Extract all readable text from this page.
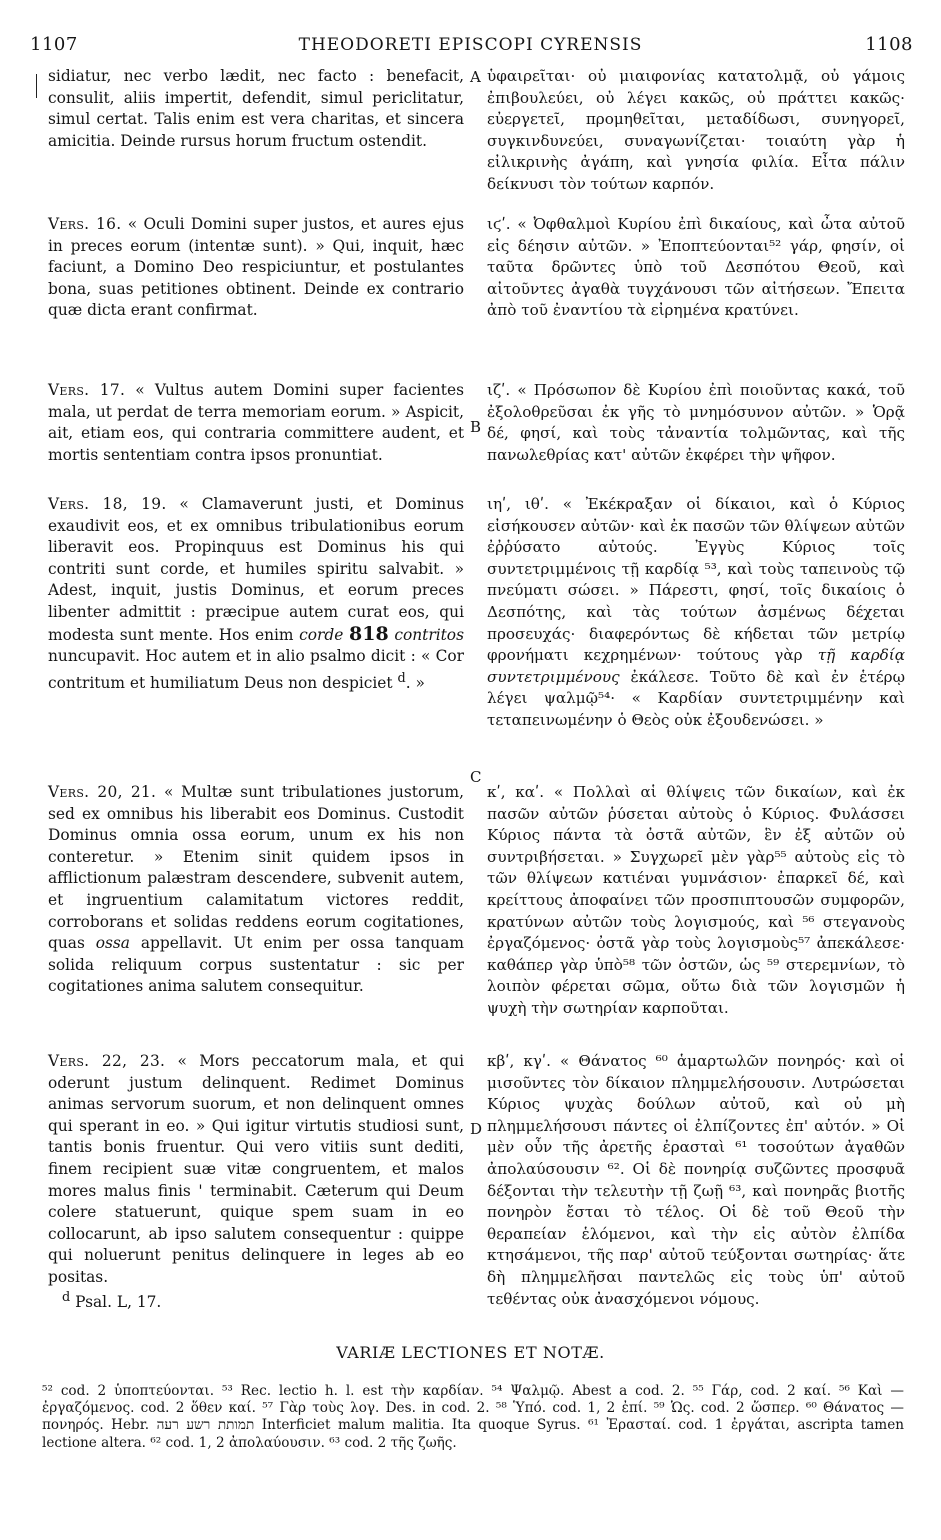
1107	THEODORETI EPISCOPI CYRENSIS	1108
A
B
C
D

sidiatur, nec verbo lædit, nec facto : benefacit, consulit, aliis impertit, defendit, simul periclitatur, simul certat. Talis enim est vera charitas, et sincera amicitia. Deinde rursus horum fructum ostendit.

Vers. 16. « Oculi Domini super justos, et aures ejus in preces eorum (intentæ sunt). » Qui, inquit, hæc faciunt, a Domino Deo respiciuntur, et postulantes bona, suas petitiones obtinent. Deinde ex contrario quæ dicta erant confirmat.

Vers. 17. « Vultus autem Domini super facientes mala, ut perdat de terra memoriam eorum. » Aspicit, ait, etiam eos, qui contraria committere audent, et mortis sententiam contra ipsos pronuntiat.

Vers. 18, 19. « Clamaverunt justi, et Dominus exaudivit eos, et ex omnibus tribulationibus eorum liberavit eos. Propinquus est Dominus his qui contriti sunt corde, et humiles spiritu salvabit. » Adest, inquit, justis Dominus, et eorum preces libenter admittit : præcipue autem curat eos, qui modesta sunt mente. Hos enim corde 818 contritos nuncupavit. Hoc autem et in alio psalmo dicit : « Cor contritum et humiliatum Deus non despiciet $^d$. »

Vers. 20, 21. « Multæ sunt tribulationes justorum, sed ex omnibus his liberabit eos Dominus. Custodit Dominus omnia ossa eorum, unum ex his non conteretur. » Etenim sinit quidem ipsos in afflictionum palæstram descendere, subvenit autem, et ingruentium calamitatum victores reddit, corroborans et solidas reddens eorum cogitationes, quas ossa appellavit. Ut enim per ossa tanquam solida reliquum corpus sustentatur : sic per cogitationes anima salutem consequitur.

Vers. 22, 23. « Mors peccatorum mala, et qui oderunt justum delinquent. Redimet Dominus animas servorum suorum, et non delinquent omnes qui sperant in eo. » Qui igitur virtutis studiosi sunt, tantis bonis fruentur. Qui vero vitiis sunt dediti, finem recipient suæ vitæ congruentem, et malos mores malus finis ' terminabit. Cæterum qui Deum colere statuerunt, quique spem suam in eo collocarunt, ab ipso salutem consequentur : quippe qui noluerunt penitus delinquere in leges ab eo positas.

ὑφαιρεῖται· οὐ μιαιφονίας κατατολμᾷ, οὐ γάμοις ἐπιβουλεύει, οὐ λέγει κακῶς, οὐ πράττει κακῶς· εὐεργετεῖ, προμηθεῖται, μεταδίδωσι, συνηγορεῖ, συγκινδυνεύει, συναγωνίζεται· τοιαύτη γὰρ ἡ εἰλικρινὴς ἀγάπη, καὶ γνησία φιλία. Εἶτα πάλιν δείκνυσι τὸν τούτων καρπόν.

ιϛʹ. « Ὀφθαλμοὶ Κυρίου ἐπὶ δικαίους, καὶ ὦτα αὐτοῦ εἰς δέησιν αὐτῶν. » Ἐποπτεύονται⁵² γάρ, φησίν, οἱ ταῦτα δρῶντες ὑπὸ τοῦ Δεσπότου Θεοῦ, καὶ αἰτοῦντες ἀγαθὰ τυγχάνουσι τῶν αἰτήσεων. Ἔπειτα ἀπὸ τοῦ ἐναντίου τὰ εἰρημένα κρατύνει.

ιζʹ. « Πρόσωπον δὲ Κυρίου ἐπὶ ποιοῦντας κακά, τοῦ ἐξολοθρεῦσαι ἐκ γῆς τὸ μνημόσυνον αὐτῶν. » Ὁρᾷ δέ, φησί, καὶ τοὺς τἀναντία τολμῶντας, καὶ τῆς πανωλεθρίας κατ' αὐτῶν ἐκφέρει τὴν ψῆφον.

ιηʹ, ιθʹ. « Ἐκέκραξαν οἱ δίκαιοι, καὶ ὁ Κύριος εἰσήκουσεν αὐτῶν· καὶ ἐκ πασῶν τῶν θλίψεων αὐτῶν ἐῤῥύσατο αὐτούς. Ἐγγὺς Κύριος τοῖς συντετριμμένοις τῇ καρδίᾳ ⁵³, καὶ τοὺς ταπεινοὺς τῷ πνεύματι σώσει. » Πάρεστι, φησί, τοῖς δικαίοις ὁ Δεσπότης, καὶ τὰς τούτων ἀσμένως δέχεται προσευχάς· διαφερόντως δὲ κήδεται τῶν μετρίῳ φρονήματι κεχρημένων· τούτους γὰρ τῇ καρδίᾳ συντετριμμένους ἐκάλεσε. Τοῦτο δὲ καὶ ἐν ἑτέρῳ λέγει ψαλμῷ⁵⁴· « Καρδίαν συντετριμμένην καὶ τεταπεινωμένην ὁ Θεὸς οὐκ ἐξουδενώσει. »

κʹ, καʹ. « Πολλαὶ αἱ θλίψεις τῶν δικαίων, καὶ ἐκ πασῶν αὐτῶν ῥύσεται αὐτοὺς ὁ Κύριος. Φυλάσσει Κύριος πάντα τὰ ὀστᾶ αὐτῶν, ἓν ἐξ αὐτῶν οὐ συντριβήσεται. » Συγχωρεῖ μὲν γὰρ⁵⁵ αὐτοὺς εἰς τὸ τῶν θλίψεων κατιέναι γυμνάσιον· ἐπαρκεῖ δέ, καὶ κρείττους ἀποφαίνει τῶν προσπιπτουσῶν συμφορῶν, κρατύνων αὐτῶν τοὺς λογισμούς, καὶ ⁵⁶ στεγανοὺς ἐργαζόμενος· ὀστᾶ γὰρ τοὺς λογισμοὺς⁵⁷ ἀπεκάλεσε· καθάπερ γὰρ ὑπὸ⁵⁸ τῶν ὀστῶν, ὡς ⁵⁹ στερεμνίων, τὸ λοιπὸν φέρεται σῶμα, οὕτω διὰ τῶν λογισμῶν ἡ ψυχὴ τὴν σωτηρίαν καρποῦται.

κβʹ, κγʹ. « Θάνατος ⁶⁰ ἁμαρτωλῶν πονηρός· καὶ οἱ μισοῦντες τὸν δίκαιον πλημμελήσουσιν. Λυτρώσεται Κύριος ψυχὰς δούλων αὐτοῦ, καὶ οὐ μὴ πλημμελήσουσι πάντες οἱ ἐλπίζοντες ἐπ' αὐτόν. » Οἱ μὲν οὖν τῆς ἀρετῆς ἐρασταὶ ⁶¹ τοσούτων ἀγαθῶν ἀπολαύσουσιν ⁶². Οἱ δὲ πονηρίᾳ συζῶντες προσφυᾶ δέξονται τὴν τελευτὴν τῇ ζωῇ ⁶³, καὶ πονηρᾶς βιοτῆς πονηρὸν ἔσται τὸ τέλος. Οἱ δὲ τοῦ Θεοῦ τὴν θεραπείαν ἑλόμενοι, καὶ τὴν εἰς αὐτὸν ἐλπίδα κτησάμενοι, τῆς παρ' αὐτοῦ τεύξονται σωτηρίας· ἅτε δὴ πλημμελῆσαι παντελῶς εἰς τοὺς ὑπ' αὐτοῦ τεθέντας οὐκ ἀνασχόμενοι νόμους.

$^d$ Psal. L, 17.
VARIÆ LECTIONES ET NOTÆ.

⁵² cod. 2 ὑποπτεύονται. ⁵³ Rec. lectio h. l. est τὴν καρδίαν. ⁵⁴ Ψαλμῷ. Abest a cod. 2. ⁵⁵ Γάρ, cod. 2 καί. ⁵⁶ Καὶ — ἐργαζόμενος. cod. 2 ὅθεν καί. ⁵⁷ Γὰρ τοὺς λογ. Des. in cod. 2. ⁵⁸ Ὑπό. cod. 1, 2 ἐπί. ⁵⁹ Ὡς. cod. 2 ὥσπερ. ⁶⁰ Θάνατος — πονηρός. Hebr. תמותת רשע רעה Interficiet malum malitia. Ita quoque Syrus. ⁶¹ Ἐρασταί. cod. 1 ἐργάται, ascripta tamen lectione altera. ⁶² cod. 1, 2 ἀπολαύουσιν. ⁶³ cod. 2 τῆς ζωῆς.
